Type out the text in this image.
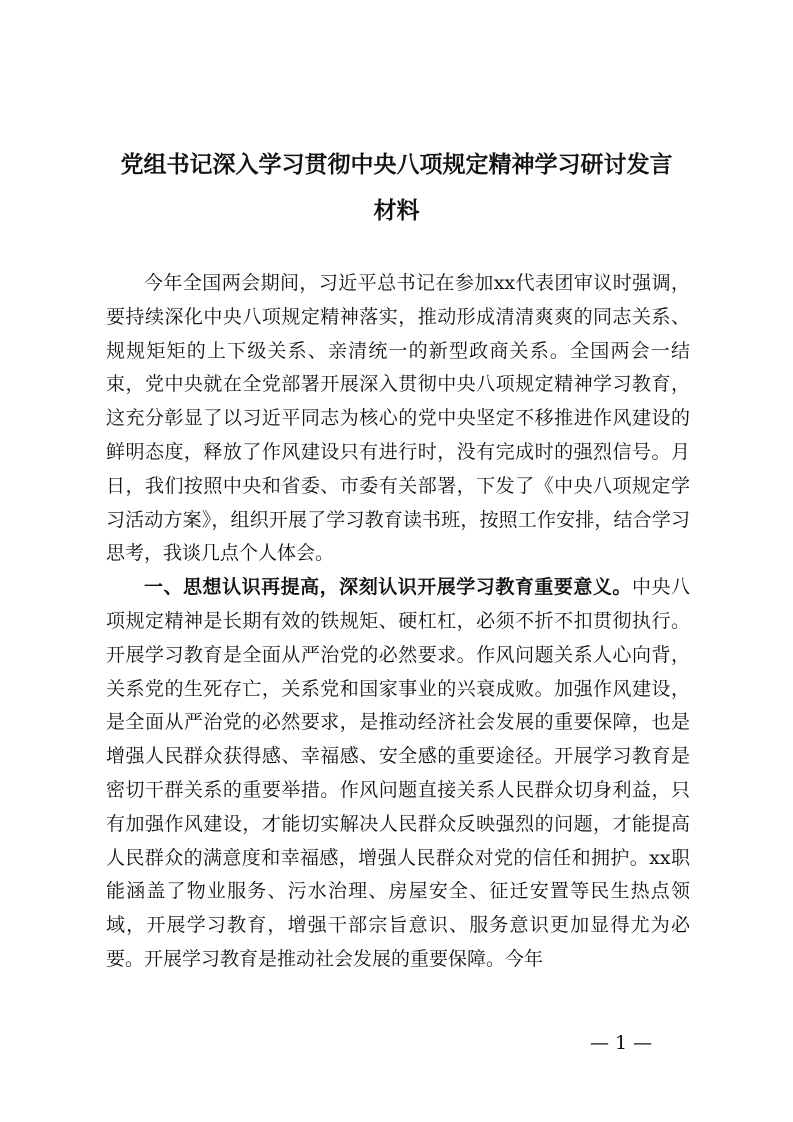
党组书记深入学习贯彻中央八项规定精神学习研讨发言
材料

今年全国两会期间，习近平总书记在参加xx代表团审议时强调，要持续深化中央八项规定精神落实，推动形成清清爽爽的同志关系、规规矩矩的上下级关系、亲清统一的新型政商关系。全国两会一结束，党中央就在全党部署开展深入贯彻中央八项规定精神学习教育，这充分彰显了以习近平同志为核心的党中央坚定不移推进作风建设的鲜明态度，释放了作风建设只有进行时，没有完成时的强烈信号。月日，我们按照中央和省委、市委有关部署，下发了《中央八项规定学习活动方案》，组织开展了学习教育读书班，按照工作安排，结合学习思考，我谈几点个人体会。

一、思想认识再提高，深刻认识开展学习教育重要意义。中央八项规定精神是长期有效的铁规矩、硬杠杠，必须不折不扣贯彻执行。开展学习教育是全面从严治党的必然要求。作风问题关系人心向背，关系党的生死存亡，关系党和国家事业的兴衰成败。加强作风建设，是全面从严治党的必然要求，是推动经济社会发展的重要保障，也是增强人民群众获得感、幸福感、安全感的重要途径。开展学习教育是密切干群关系的重要举措。作风问题直接关系人民群众切身利益，只有加强作风建设，才能切实解决人民群众反映强烈的问题，才能提高人民群众的满意度和幸福感，增强人民群众对党的信任和拥护。xx职能涵盖了物业服务、污水治理、房屋安全、征迁安置等民生热点领域，开展学习教育，增强干部宗旨意识、服务意识更加显得尤为必要。开展学习教育是推动社会发展的重要保障。今年

— 1 —
